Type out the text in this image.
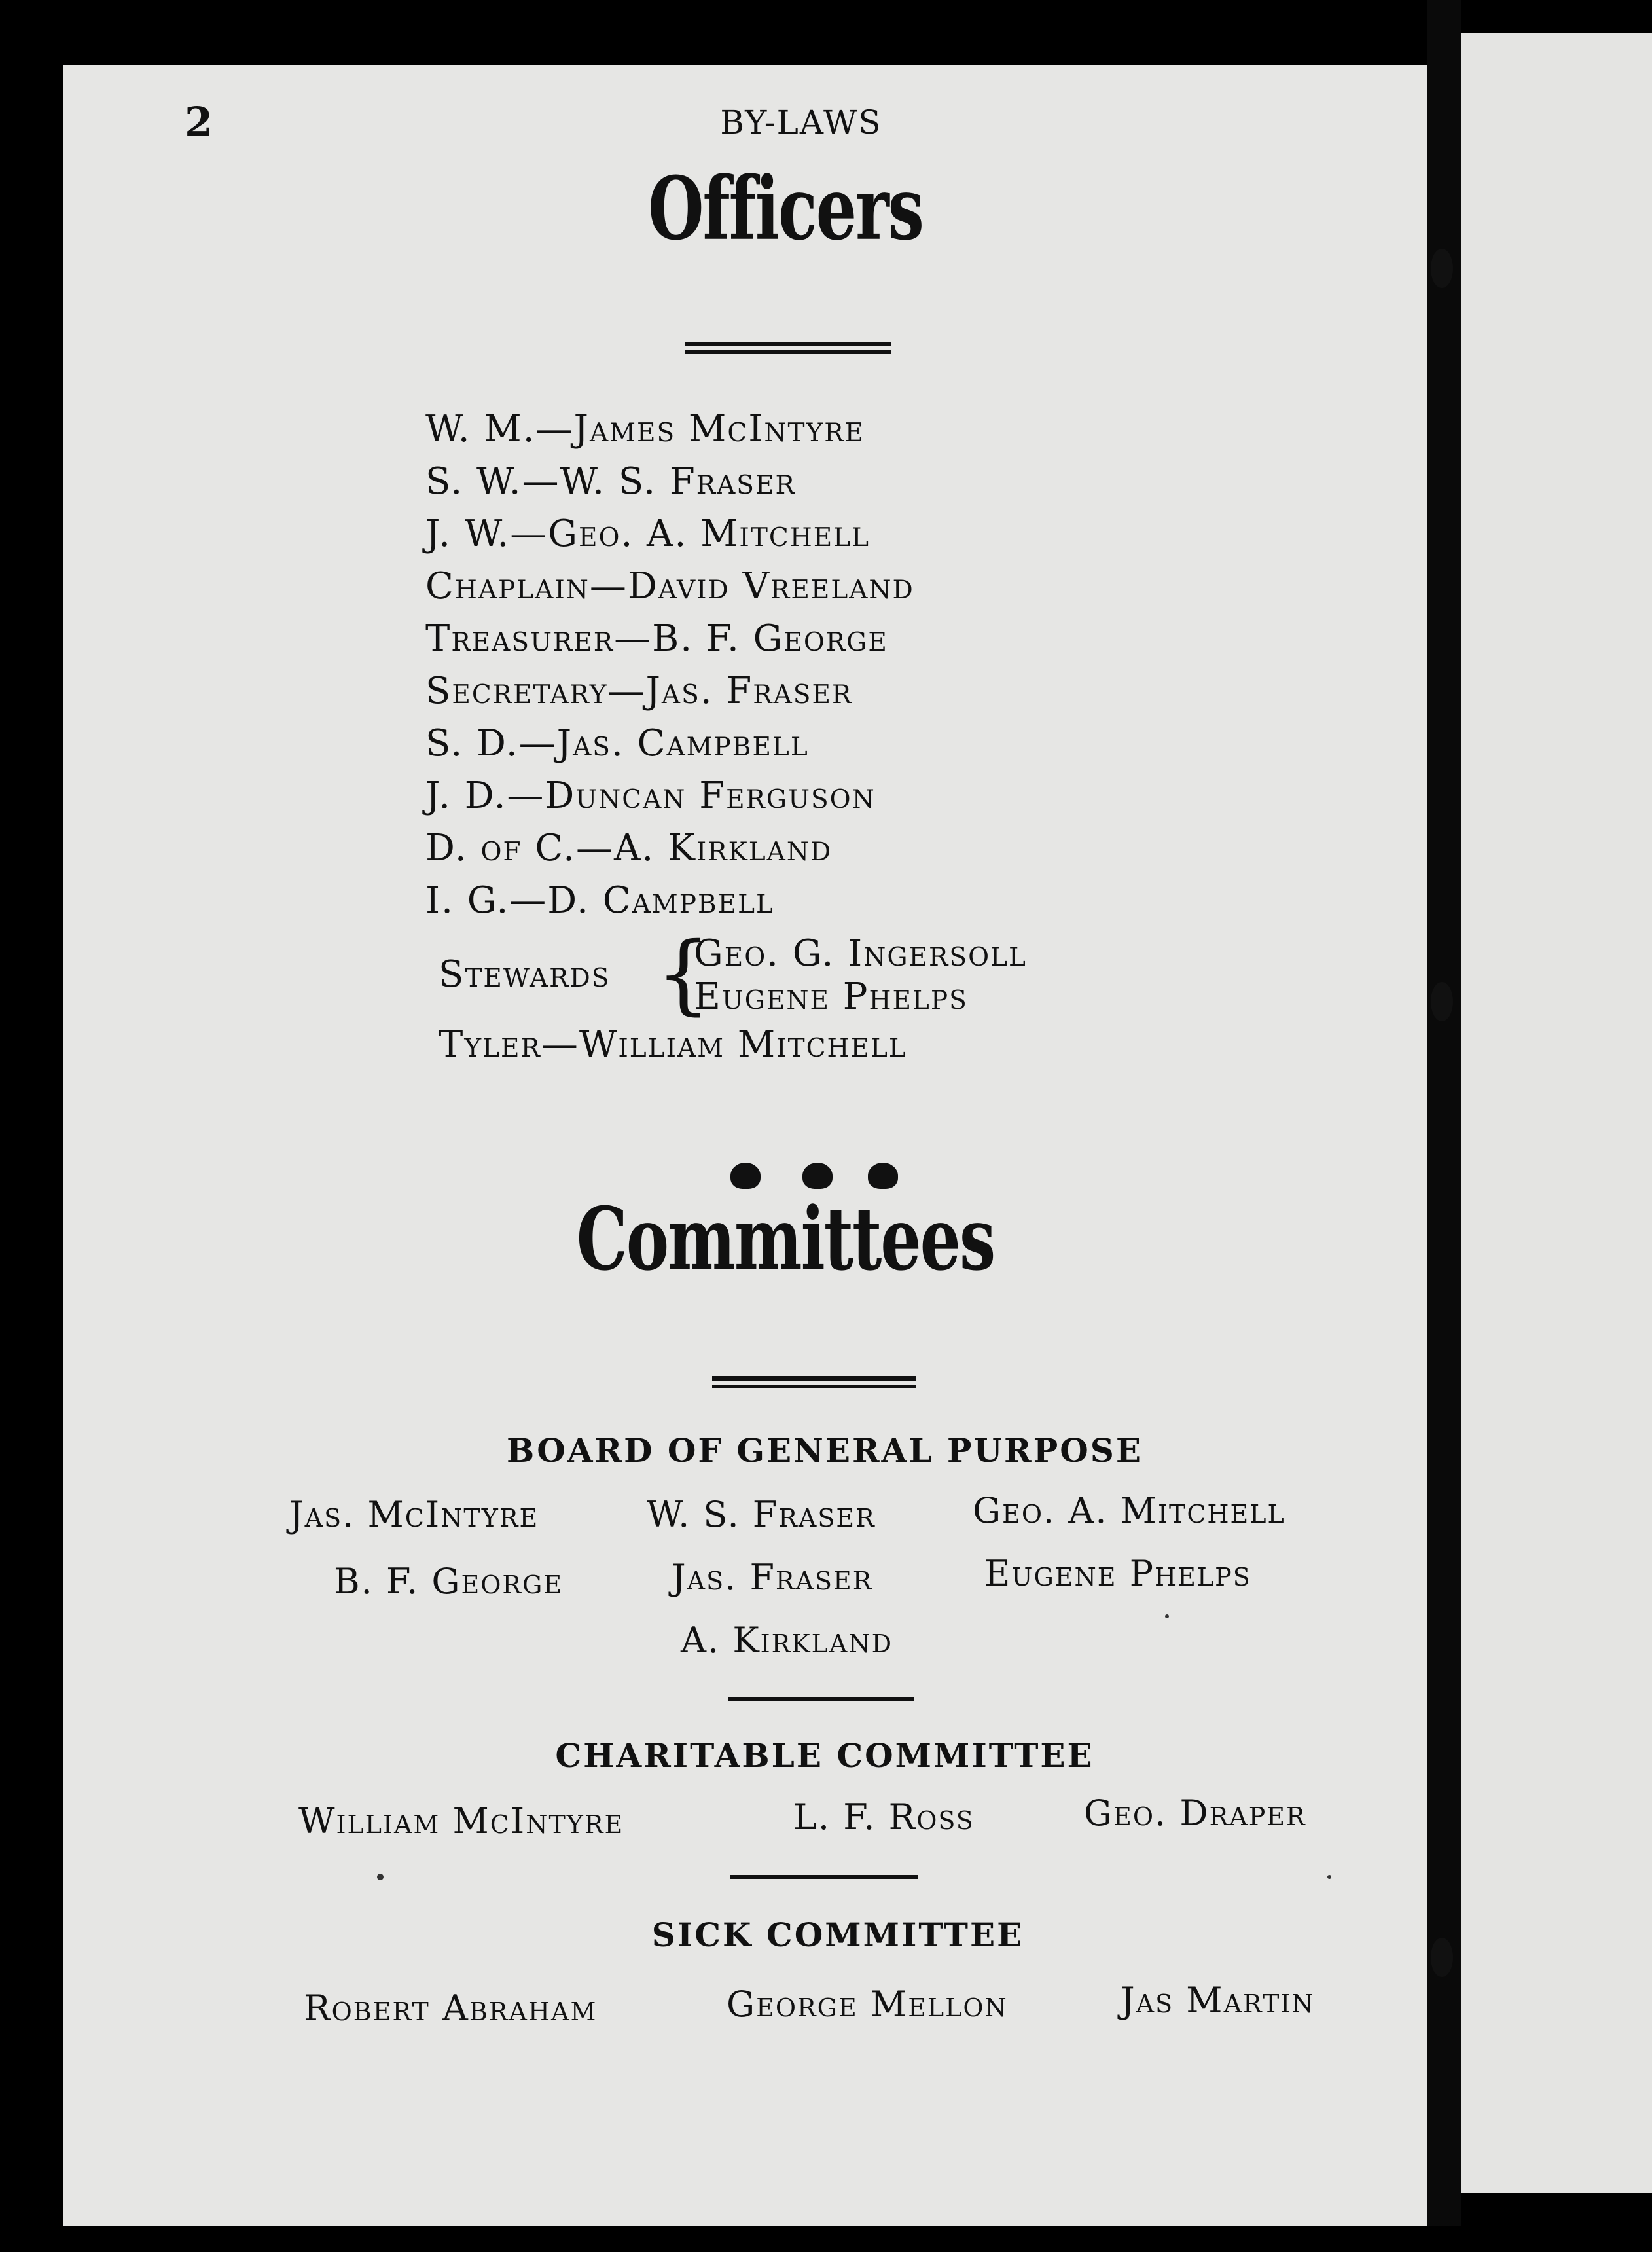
2	BY-LAWS
Officers
W. M.—James McIntyre
S. W.—W. S. Fraser
J. W.—Geo. A. Mitchell
Chaplain—David Vreeland
Treasurer—B. F. George
Secretary—Jas. Fraser
S. D.—Jas. Campbell
J. D.—Duncan Ferguson
D. of C.—A. Kirkland
I. G.—D. Campbell
Stewards {
Geo. G. Ingersoll
Eugene Phelps
Tyler—William Mitchell
Committees
BOARD OF GENERAL PURPOSE
Jas. McIntyre	W. S. Fraser	Geo. A. Mitchell
B. F. George	Jas. Fraser	Eugene Phelps
A. Kirkland
CHARITABLE COMMITTEE
William McIntyre	L. F. Ross	Geo. Draper
SICK COMMITTEE
Robert Abraham	George Mellon	Jas Martin
